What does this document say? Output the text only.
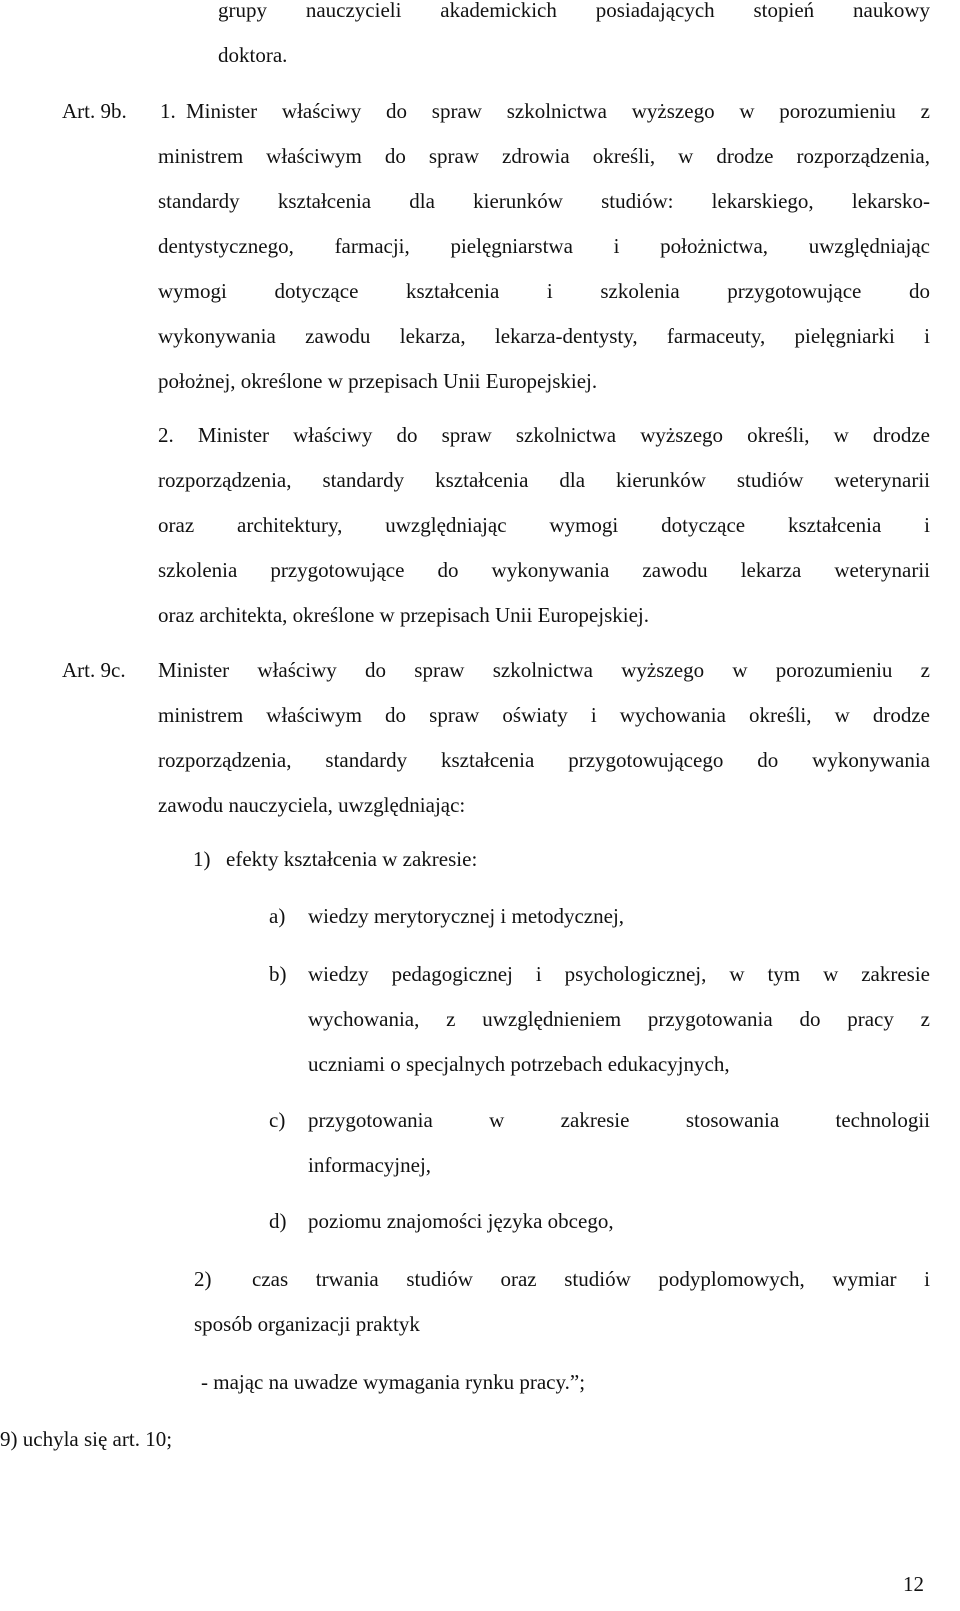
grupy nauczycieli akademickich posiadających stopień naukowy
doktora.
Art. 9b. 1. Minister właściwy do spraw szkolnictwa wyższego w porozumieniu z
ministrem właściwym do spraw zdrowia określi, w drodze rozporządzenia,
standardy kształcenia dla kierunków studiów: lekarskiego, lekarsko-
dentystycznego, farmacji, pielęgniarstwa i położnictwa, uwzględniając
wymogi dotyczące kształcenia i szkolenia przygotowujące do
wykonywania zawodu lekarza, lekarza-dentysty, farmaceuty, pielęgniarki i
położnej, określone w przepisach Unii Europejskiej.
2. Minister właściwy do spraw szkolnictwa wyższego określi, w drodze
rozporządzenia, standardy kształcenia dla kierunków studiów weterynarii
oraz architektury, uwzględniając wymogi dotyczące kształcenia i
szkolenia przygotowujące do wykonywania zawodu lekarza weterynarii
oraz architekta, określone w przepisach Unii Europejskiej.
Art. 9c. Minister właściwy do spraw szkolnictwa wyższego w porozumieniu z
ministrem właściwym do spraw oświaty i wychowania określi, w drodze
rozporządzenia, standardy kształcenia przygotowującego do wykonywania
zawodu nauczyciela, uwzględniając:
1) efekty kształcenia w zakresie:
a) wiedzy merytorycznej i metodycznej,
b) wiedzy pedagogicznej i psychologicznej, w tym w zakresie
wychowania, z uwzględnieniem przygotowania do pracy z
uczniami o specjalnych potrzebach edukacyjnych,
c) przygotowania w zakresie stosowania technologii
informacyjnej,
d) poziomu znajomości języka obcego,
2) czas trwania studiów oraz studiów podyplomowych, wymiar i
sposób organizacji praktyk
- mając na uwadze wymagania rynku pracy.”;
9) uchyla się art. 10;
12
